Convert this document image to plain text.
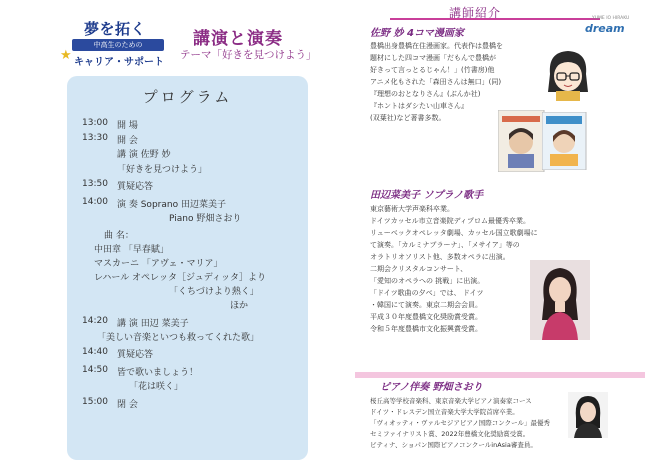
★
夢を拓く
中高生のための
キャリア・サポート
講演と演奏
テーマ「好きを見つけよう」
プログラム
13:00 開 場
13:30 開 会
講 演 佐野 妙
「好きを見つけよう」
13:50 質疑応答
14:00 演 奏 Soprano 田辺菜美子
Piano 野畑さおり
曲 名：
中田章 「早春賦」
マスカーニ 「アヴェ・マリア」
レハール オペレッタ［ジュディッタ］より
「くちづけより熱く」
ほか
14:20 講 演 田辺 菜美子
「美しい音楽といつも救ってくれた歌」
14:40 質疑応答
14:50 皆で歌いましょう！
「花は咲く」
15:00 閉 会
講師紹介	YUME IO HIRAKU
dream
佐野 妙 4コマ漫画家
豊橋出身豊橋在住漫画家。代表作は豊橋を
題材にした四コマ漫画「だもんで豊橋が
好きって言っとるじゃん！」(竹書房)他
アニメ化もされた「森田さんは無口」(同)
『理想のおとなりさん』(ぶんか社)
『ホントはダシたい山車さん』
(双葉社)など著書多数。
田辺菜美子 ソプラノ歌手
東京藝術大学声楽科卒業。
ドイツカッセル市立音楽院ディプロム最優秀卒業。
リューベックオペレッタ劇場、カッセル国立歌劇場に
て演奏。「カルミナブラーナ」、「メサイア」等の
オラトリオソリスト他、多数オペラに出演。
二期会クリスタルコンサート、
「愛知のオペラへの 挑戦」に出演。
「ドイツ歌曲の夕べ」では、 ドイツ
・韓国にて演奏。東京二期会会員。
平成３０年度豊橋文化奨励賞受賞。
令和５年度豊橋市文化振興賞受賞。
ピアノ伴奏 野畑さおり
桜丘高等学校音楽科、東京音楽大学ピアノ演奏家コース
ドイツ・ドレスデン国立音楽大学大学院首席卒業。
「ヴィオッティ・ヴァルセジアピアノ国際コンクール」最優秀
セミファイナリスト賞、2022年豊橋文化奨励賞受賞。
ピティナ、ショパン国際ピアノコンクールinAsia審査員。
